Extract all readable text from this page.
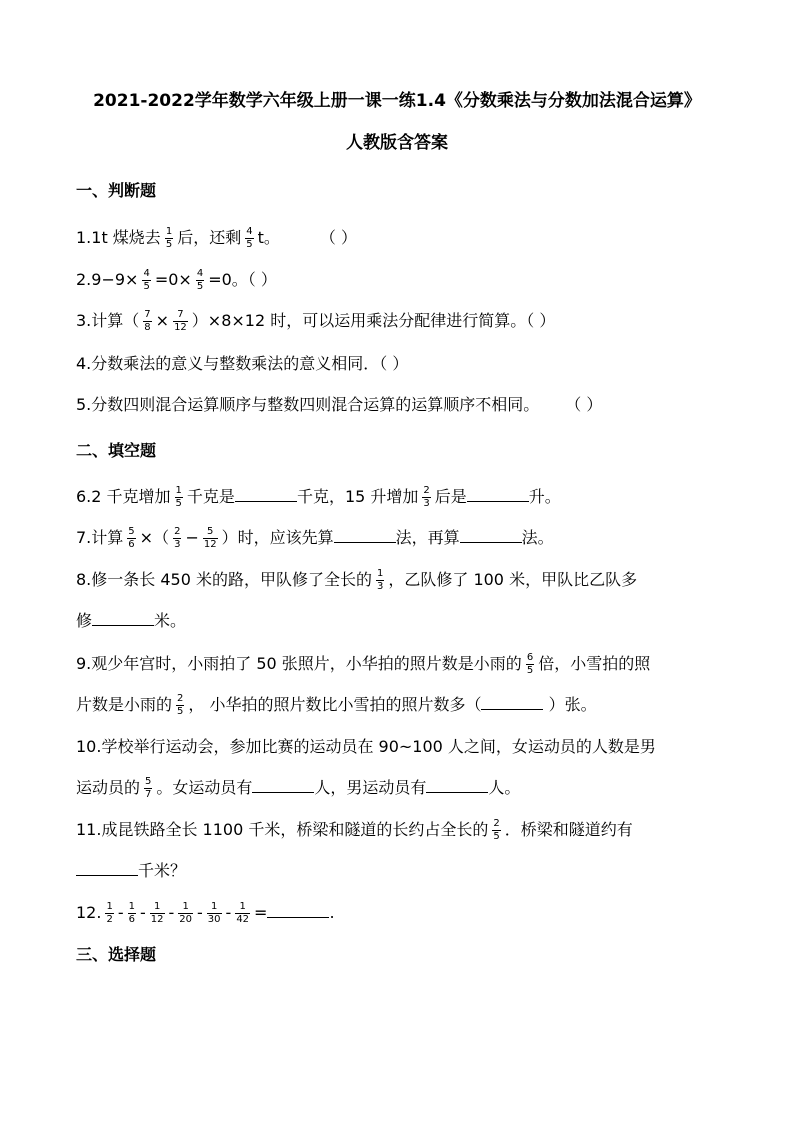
2021-2022学年数学六年级上册一课一练1.4《分数乘法与分数加法混合运算》
人教版含答案
一、判断题
1.1t 煤烧去 $\frac{1}{5}$ 后，还剩 $\frac{4}{5}$ t。	（ ）
$2.9-9\times \frac{4}{5} =0\times \frac{4}{5} =0$。（ ）
3.计算（ $\frac{7}{8} \times \frac{7}{12} )\times 8\times 12$ 时，可以运用乘法分配律进行简算。（ ）
4.分数乘法的意义与整数乘法的意义相同．（ ）
5.分数四则混合运算顺序与整数四则混合运算的运算顺序不相同。 （ ）
二、填空题
6.2 千克增加 $\frac{1}{5}$ 千克是	千克，15 升增加 $\frac{2}{3}$ 后是	升。
7.计算 $\frac{5}{6}$ ×（ $\frac{2}{3} - \frac{5}{12}$ ）时，应该先算	法，再算	法。
8.修一条长 450 米的路，甲队修了全长的 $\frac{1}{3}$ ，乙队修了 100 米，甲队比乙队多
修	米。
9.观少年宫时，小雨拍了 50 张照片，小华拍的照片数是小雨的 $\frac{6}{5}$ 倍，小雪拍的照
片数是小雨的 $\frac{2}{5}$ ， 小华拍的照片数比小雪拍的照片数多（	）张。
10.学校举行运动会，参加比赛的运动员在 90~100 人之间，女运动员的人数是男
运动员的 $\frac{5}{7}$ 。女运动员有	人，男运动员有	人。
11.成昆铁路全长 1100 千米，桥梁和隧道的长约占全长的 $\frac{2}{5}$ ．桥梁和隧道约有
千米？
12. $\frac{1}{2} - \frac{1}{6} - \frac{1}{12} - \frac{1}{20} - \frac{1}{30} - \frac{1}{42}$ =	.
三、选择题
